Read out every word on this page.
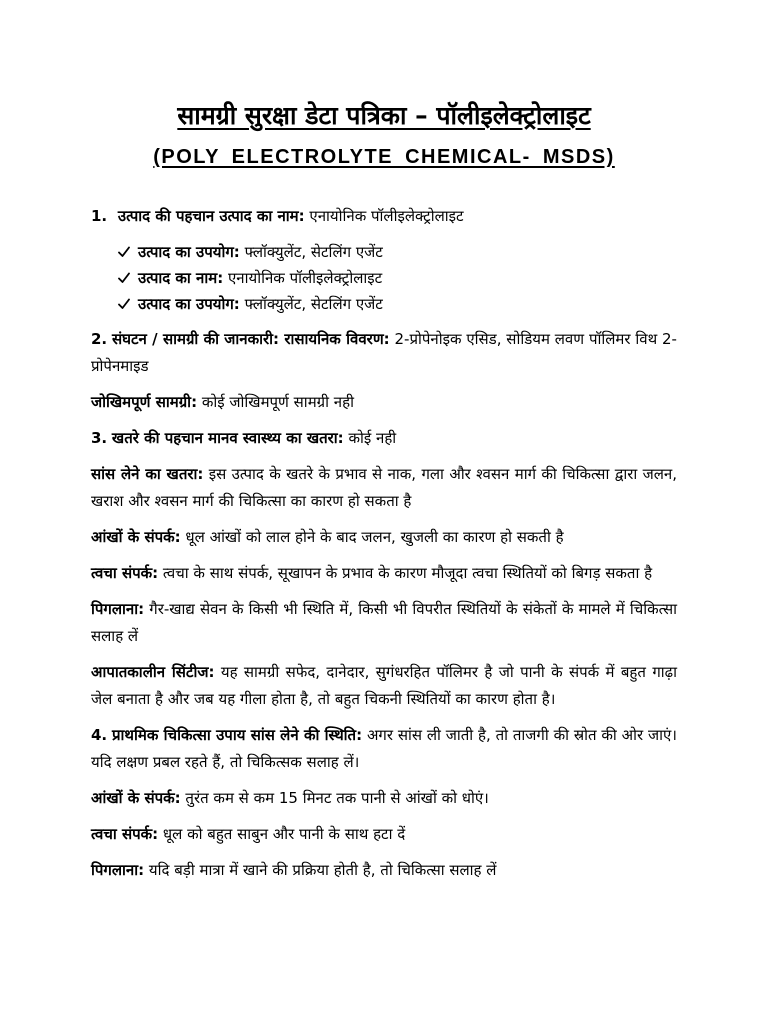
सामग्री सुरक्षा डेटा पत्रिका – पॉलीइलेक्ट्रोलाइट
(POLY ELECTROLYTE CHEMICAL- MSDS)

1. उत्पाद की पहचान उत्पाद का नाम: एनायोनिक पॉलीइलेक्ट्रोलाइट

उत्पाद का उपयोग: फ्लॉक्युलेंट, सेटलिंग एजेंट
उत्पाद का नाम: एनायोनिक पॉलीइलेक्ट्रोलाइट
उत्पाद का उपयोग: फ्लॉक्युलेंट, सेटलिंग एजेंट

2. संघटन / सामग्री की जानकारी: रासायनिक विवरण: 2-प्रोपेनोइक एसिड, सोडियम लवण पॉलिमर विथ 2-प्रोपेनमाइड

जोखिमपूर्ण सामग्री: कोई जोखिमपूर्ण सामग्री नही

3. खतरे की पहचान मानव स्वास्थ्य का खतरा: कोई नही

सांस लेने का खतरा: इस उत्पाद के खतरे के प्रभाव से नाक, गला और श्वसन मार्ग की चिकित्सा द्वारा जलन, खराश और श्वसन मार्ग की चिकित्सा का कारण हो सकता है

आंखों के संपर्क: धूल आंखों को लाल होने के बाद जलन, खुजली का कारण हो सकती है

त्वचा संपर्क: त्वचा के साथ संपर्क, सूखापन के प्रभाव के कारण मौजूदा त्वचा स्थितियों को बिगड़ सकता है

पिगलाना: गैर-खाद्य सेवन के किसी भी स्थिति में, किसी भी विपरीत स्थितियों के संकेतों के मामले में चिकित्सा सलाह लें

आपातकालीन सिंटीज: यह सामग्री सफेद, दानेदार, सुगंधरहित पॉलिमर है जो पानी के संपर्क में बहुत गाढ़ा जेल बनाता है और जब यह गीला होता है, तो बहुत चिकनी स्थितियों का कारण होता है।

4. प्राथमिक चिकित्सा उपाय सांस लेने की स्थिति: अगर सांस ली जाती है, तो ताजगी की स्रोत की ओर जाएं। यदि लक्षण प्रबल रहते हैं, तो चिकित्सक सलाह लें।

आंखों के संपर्क: तुरंत कम से कम 15 मिनट तक पानी से आंखों को धोएं।

त्वचा संपर्क: धूल को बहुत साबुन और पानी के साथ हटा दें

पिगलाना: यदि बड़ी मात्रा में खाने की प्रक्रिया होती है, तो चिकित्सा सलाह लें
